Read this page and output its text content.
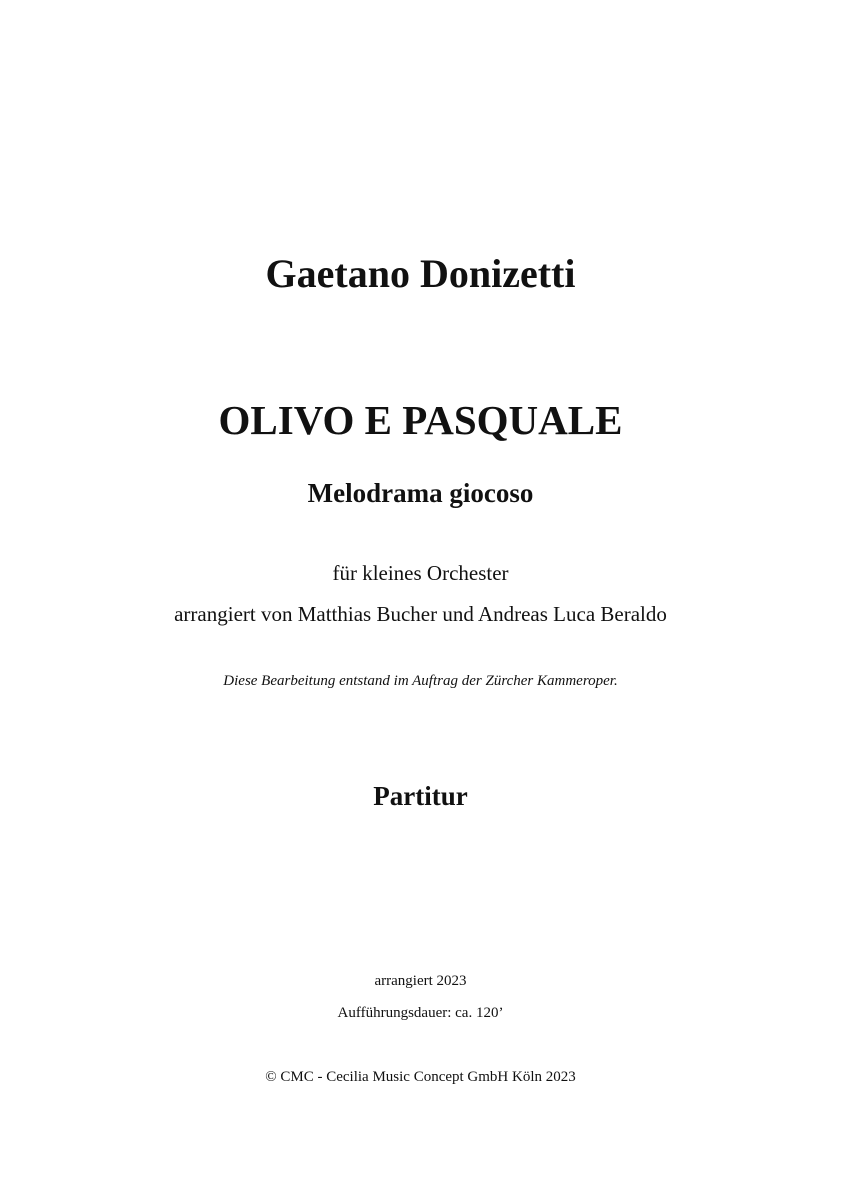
Gaetano Donizetti
OLIVO E PASQUALE
Melodrama giocoso

für kleines Orchester

arrangiert von Matthias Bucher und Andreas Luca Beraldo

Diese Bearbeitung entstand im Auftrag der Zürcher Kammeroper.

Partitur

arrangiert 2023

Aufführungsdauer: ca. 120’

© CMC - Cecilia Music Concept GmbH Köln 2023
